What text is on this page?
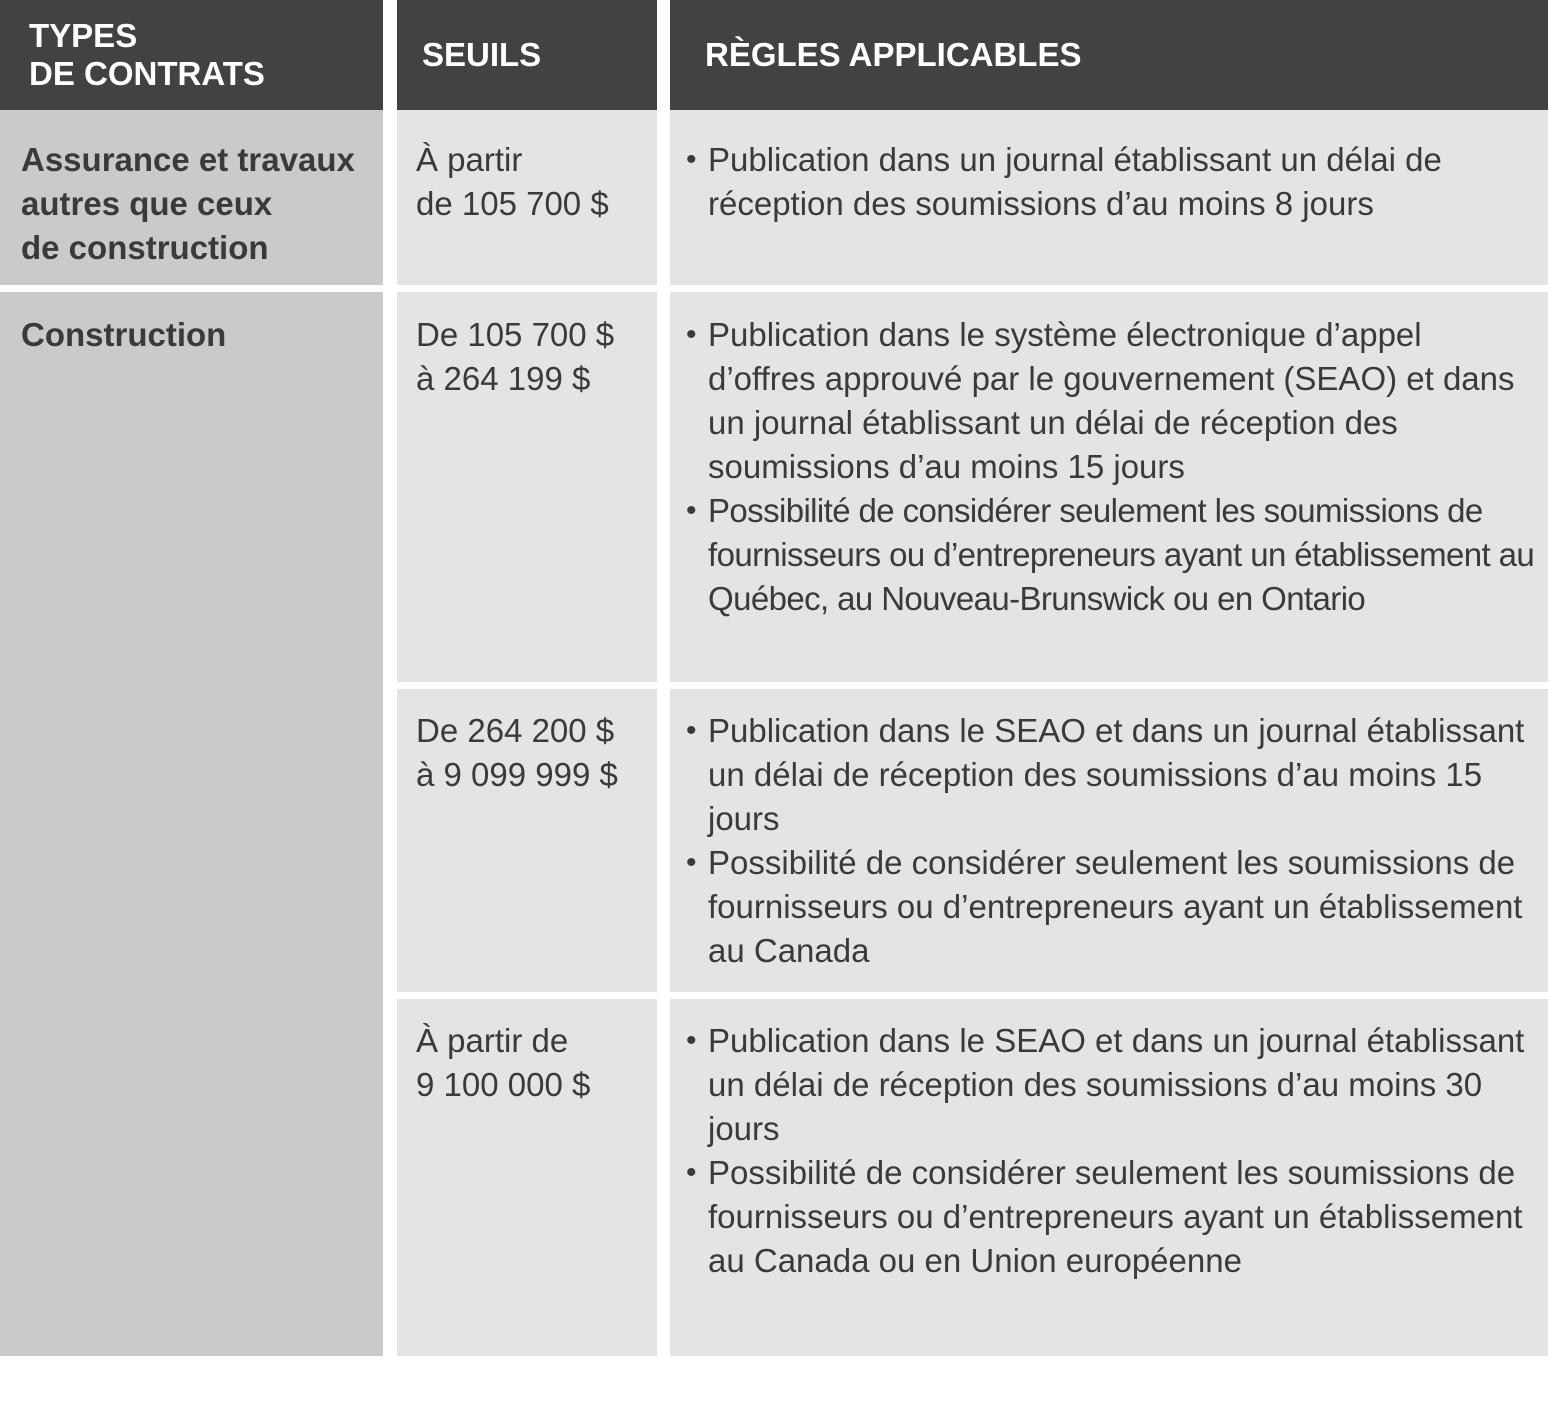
TYPES
DE CONTRATS
SEUILS	RÈGLES APPLICABLES
Assurance et travaux
autres que ceux
de construction
À partir
de 105 700 $
• Publication dans un journal établissant un délai de réception des soumissions d’au moins 8 jours
Construction	De 105 700 $
à 264 199 $
• Publication dans le système électronique d’appel d’offres approuvé par le gouvernement (SEAO) et dans un journal établissant un délai de réception des soumissions d’au moins 15 jours
• Possibilité de considérer seulement les soumissions de fournisseurs ou d’entrepreneurs ayant un établissement au Québec, au Nouveau-Brunswick ou en Ontario
De 264 200 $
à 9 099 999 $
• Publication dans le SEAO et dans un journal établissant un délai de réception des soumissions d’au moins 15 jours
• Possibilité de considérer seulement les soumissions de fournisseurs ou d’entrepreneurs ayant un établissement au Canada
À partir de
9 100 000 $
• Publication dans le SEAO et dans un journal établissant un délai de réception des soumissions d’au moins 30 jours
• Possibilité de considérer seulement les soumissions de fournisseurs ou d’entrepreneurs ayant un établissement au Canada ou en Union européenne
